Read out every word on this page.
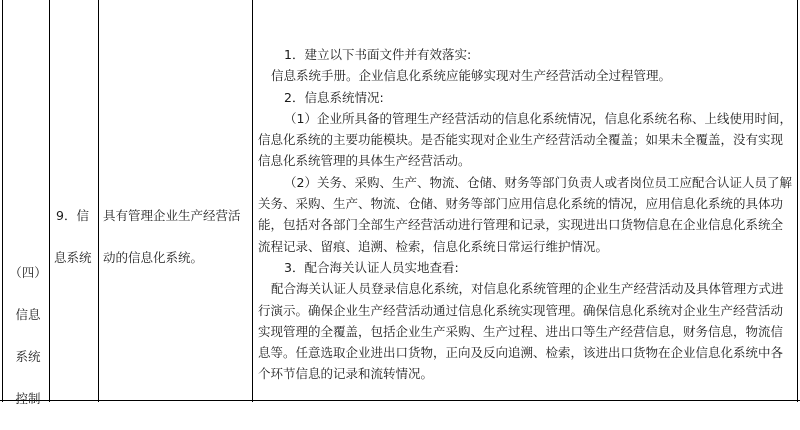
（四）

信息

系统

控制

9．信

息系统

具有管理企业生产经营活

动的信息化系统。

1．建立以下书面文件并有效落实:

信息系统手册。企业信息化系统应能够实现对生产经营活动全过程管理。

2．信息系统情况:

（1）企业所具备的管理生产经营活动的信息化系统情况，信息化系统名称、上线使用时间，信息化系统的主要功能模块。是否能实现对企业生产经营活动全覆盖；如果未全覆盖，没有实现信息化系统管理的具体生产经营活动。

（2）关务、采购、生产、物流、仓储、财务等部门负责人或者岗位员工应配合认证人员了解关务、采购、生产、物流、仓储、财务等部门应用信息化系统的情况，应用信息化系统的具体功能，包括对各部门全部生产经营活动进行管理和记录，实现进出口货物信息在企业信息化系统全流程记录、留痕、追溯、检索，信息化系统日常运行维护情况。

3．配合海关认证人员实地查看:

配合海关认证人员登录信息化系统，对信息化系统管理的企业生产经营活动及具体管理方式进行演示。确保企业生产经营活动通过信息化系统实现管理。确保信息化系统对企业生产经营活动实现管理的全覆盖，包括企业生产采购、生产过程、进出口等生产经营信息，财务信息，物流信息等。任意选取企业进出口货物，正向及反向追溯、检索，该进出口货物在企业信息化系统中各个环节信息的记录和流转情况。
